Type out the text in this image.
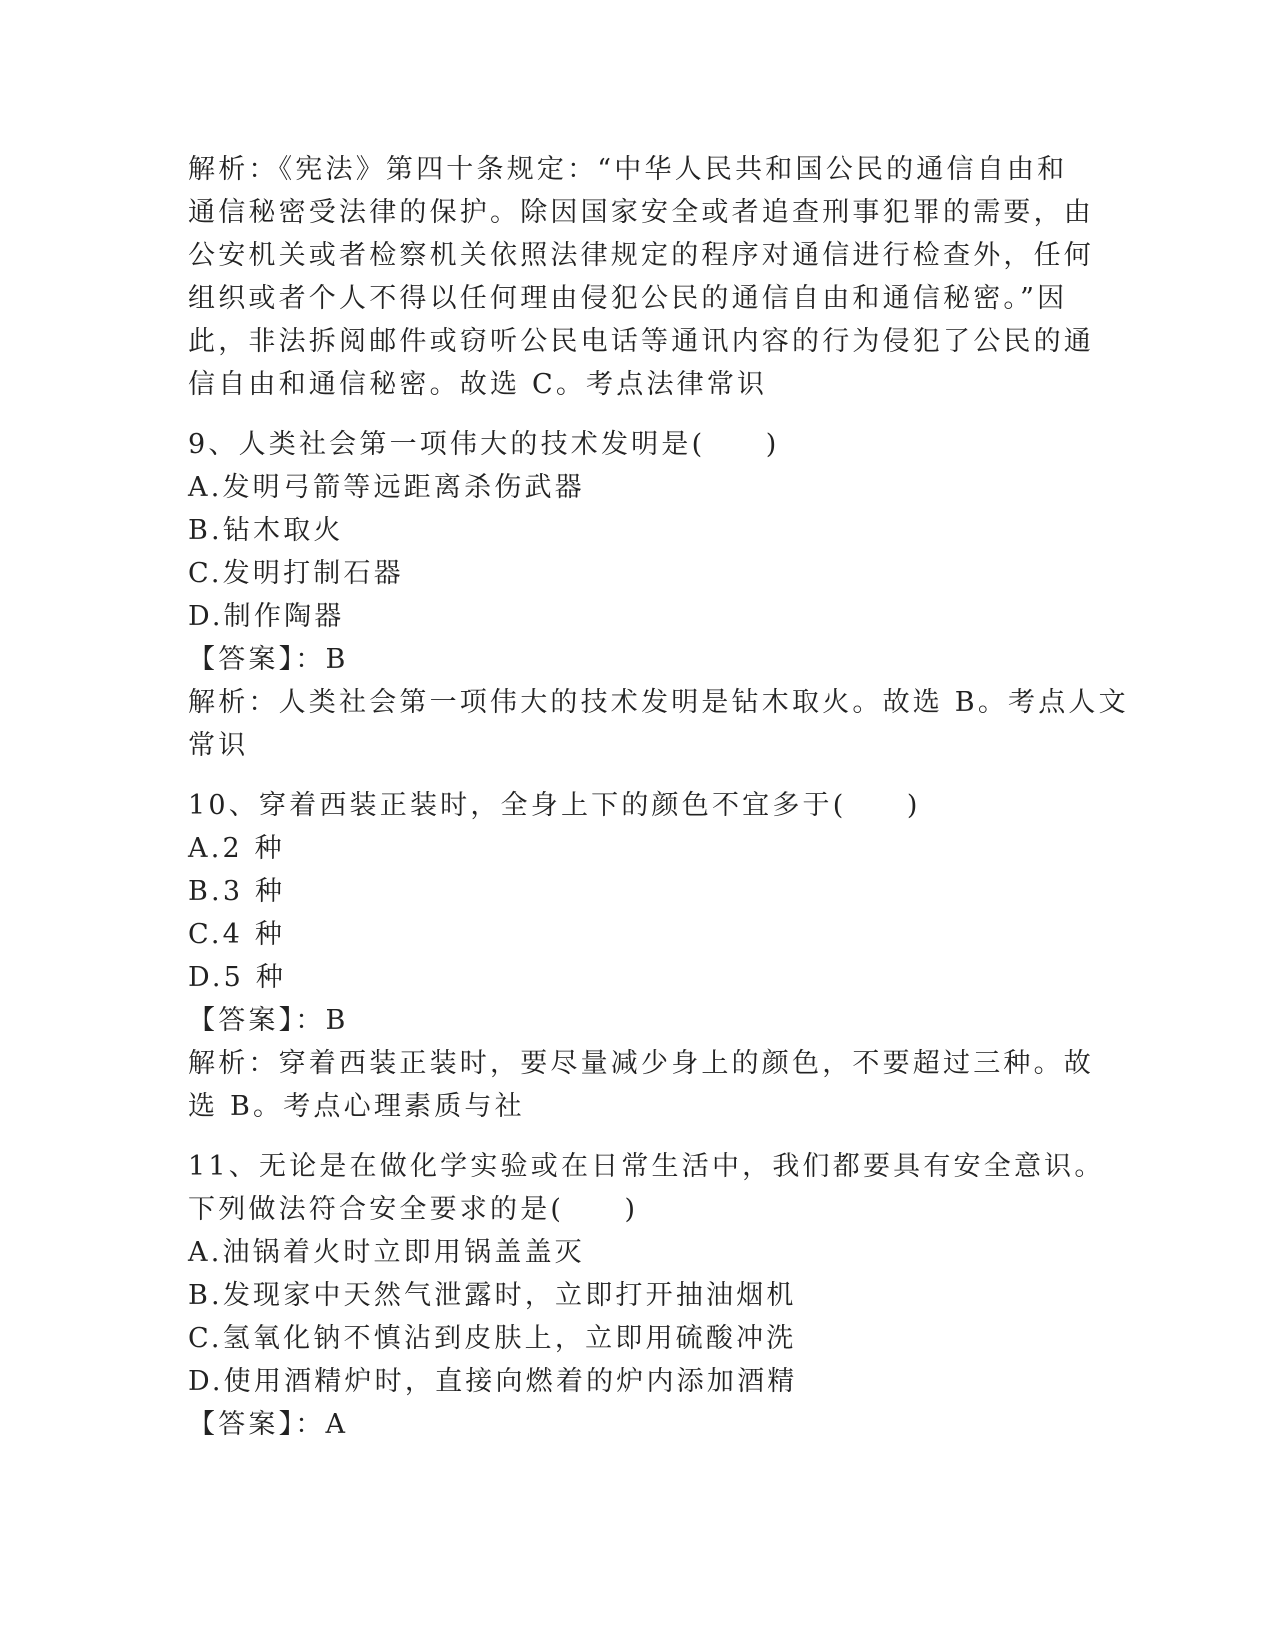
解析：《宪法》第四十条规定：“中华人民共和国公民的通信自由和
通信秘密受法律的保护。除因国家安全或者追查刑事犯罪的需要，由
公安机关或者检察机关依照法律规定的程序对通信进行检查外，任何
组织或者个人不得以任何理由侵犯公民的通信自由和通信秘密。”因
此，非法拆阅邮件或窃听公民电话等通讯内容的行为侵犯了公民的通
信自由和通信秘密。故选 C。考点法律常识
9、人类社会第一项伟大的技术发明是(　　)
A.发明弓箭等远距离杀伤武器
B.钻木取火
C.发明打制石器
D.制作陶器
【答案】：B
解析：人类社会第一项伟大的技术发明是钻木取火。故选 B。考点人文
常识
10、穿着西装正装时，全身上下的颜色不宜多于(　　)
A.2 种
B.3 种
C.4 种
D.5 种
【答案】：B
解析：穿着西装正装时，要尽量减少身上的颜色，不要超过三种。故
选 B。考点心理素质与社
11、无论是在做化学实验或在日常生活中，我们都要具有安全意识。
下列做法符合安全要求的是(　　)
A.油锅着火时立即用锅盖盖灭
B.发现家中天然气泄露时，立即打开抽油烟机
C.氢氧化钠不慎沾到皮肤上，立即用硫酸冲洗
D.使用酒精炉时，直接向燃着的炉内添加酒精
【答案】：A
